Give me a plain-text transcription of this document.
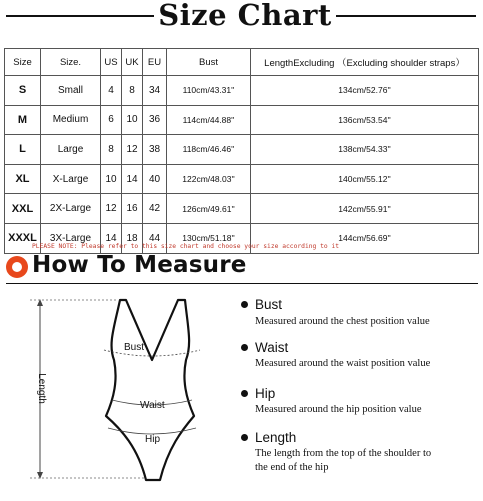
Size Chart
Size	Size.	US	UK	EU	Bust	LengthExcluding （Excluding shoulder straps）
S	Small	4	8	34	110cm/43.31''	134cm/52.76''
M	Medium	6	10	36	114cm/44.88''	136cm/53.54''
L	Large	8	12	38	118cm/46.46''	138cm/54.33''
XL	X-Large	10	14	40	122cm/48.03''	140cm/55.12''
XXL	2X-Large	12	16	42	126cm/49.61''	142cm/55.91''
XXXL	3X-Large	14	18	44	130cm/51.18''	144cm/56.69''
PLEASE NOTE: Please refer to this size chart and choose your size according to it
How To Measure
Bust
Waist
Hip
Length
Bust
Measured around the chest position value
Waist
Measured around the waist position value
Hip
Measured around the hip position value
Length
The length from the top of the shoulder to
the end of the hip
